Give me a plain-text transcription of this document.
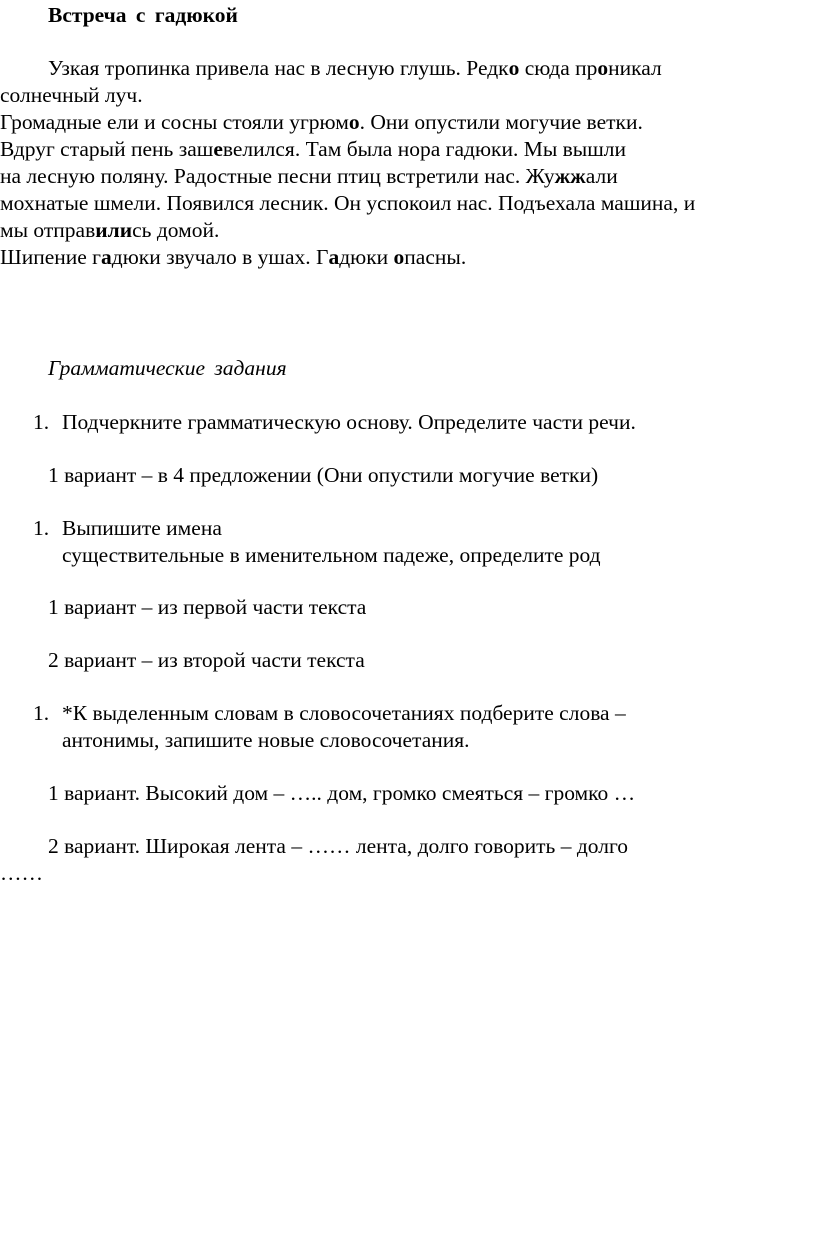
Встреча с гадюкой
Узкая тропинка привела нас в лесную глушь. Редко сюда проникал
солнечный луч.
Громадные ели и сосны стояли угрюмо. Они опустили могучие ветки.
Вдруг старый пень зашевелился. Там была нора гадюки. Мы вышли
на лесную поляну. Радостные песни птиц встретили нас. Жужжали
мохнатые шмели. Появился лесник. Он успокоил нас. Подъехала машина, и
мы отправились домой.
Шипение гадюки звучало в ушах. Гадюки опасны.
Грамматические задания
1. Подчеркните грамматическую основу. Определите части речи.
1 вариант – в 4 предложении (Они опустили могучие ветки)
1. Выпишите имена
существительные в именительном падеже, определите род
1 вариант – из первой части текста
2 вариант – из второй части текста
1. *К выделенным словам в словосочетаниях подберите слова –
антонимы, запишите новые словосочетания.
1 вариант. Высокий дом – ….. дом, громко смеяться – громко …
2 вариант. Широкая лента – …… лента, долго говорить – долго
……
